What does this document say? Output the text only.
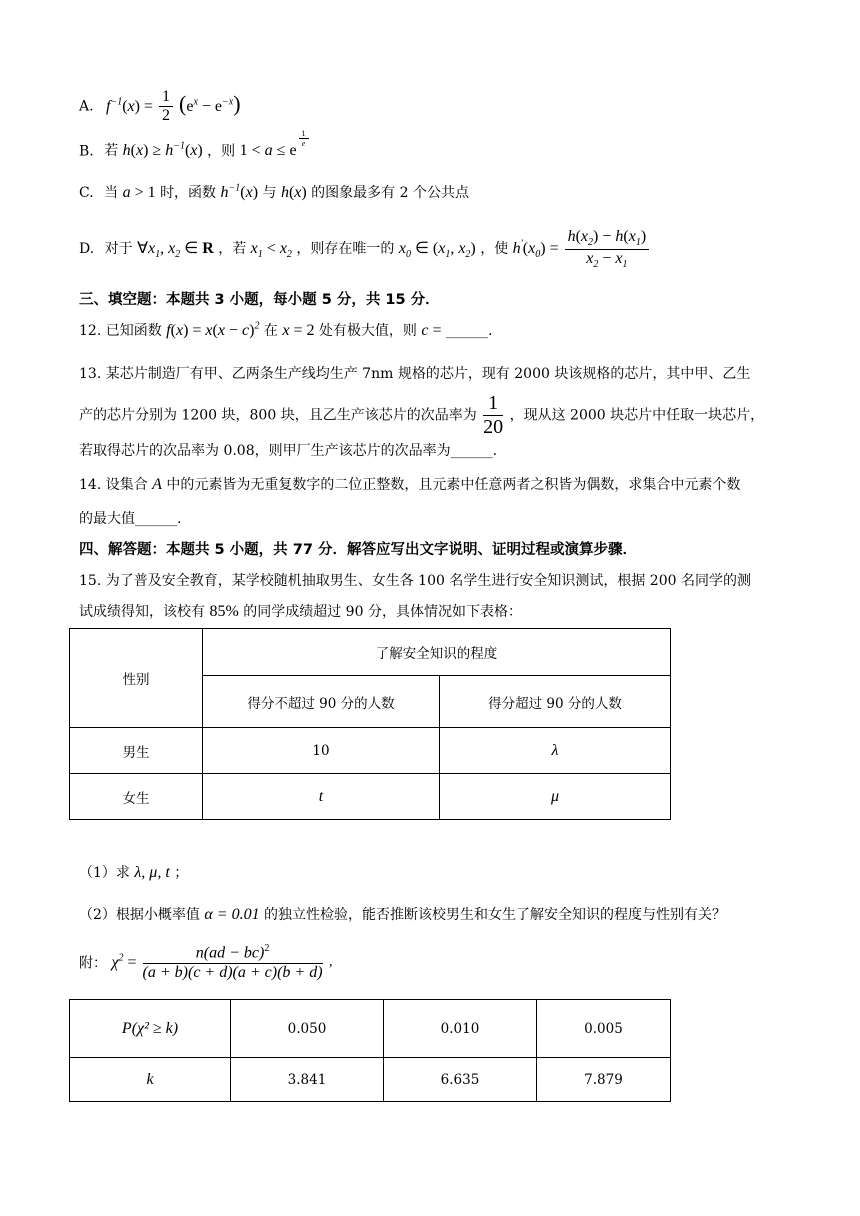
A. $f^{-1}(x) = \frac{1}{2} (e^x - e^{-x})$
B. 若 $h(x) \ge h^{-1}(x)$ ，则 1 < a ≤ e
$^{\frac{1}{e}}$
C. 当 a > 1 时，函数 $h^{-1}(x)$ 与 h(x) 的图象最多有 2 个公共点
D. 对于 $\forall x_1$, $x_2$ ∈ R ，若 $x_1 < x_2$ ，则存在唯一的 $x_0$ ∈ ($x_1$, $x_2$) ，使 $h'(x_0) = \frac{h(x_2) - h(x_1)}{x_2 - x_1}$
三、填空题：本题共 3 小题，每小题 5 分，共 15 分．
12. 已知函数 $f(x) = x(x - c)^2$ 在 x = 2 处有极大值，则 c = ______.
13. 某芯片制造厂有甲、乙两条生产线均生产 7nm 规格的芯片，现有 2000 块该规格的芯片，其中甲、乙生
产的芯片分别为 1200 块，800 块，且乙生产该芯片的次品率为 $\frac{1}{20}$ ，现从这 2000 块芯片中任取一块芯片，
若取得芯片的次品率为 0.08，则甲厂生产该芯片的次品率为______.
14. 设集合 A 中的元素皆为无重复数字的二位正整数，且元素中任意两者之积皆为偶数，求集合中元素个数
的最大值______.
四、解答题：本题共 5 小题，共 77 分．解答应写出文字说明、证明过程或演算步骤．
15. 为了普及安全教育，某学校随机抽取男生、女生各 100 名学生进行安全知识测试，根据 200 名同学的测
试成绩得知，该校有 85% 的同学成绩超过 90 分，具体情况如下表格：
性别	了解安全知识的程度	
	得分不超过 90 分的人数	得分超过 90 分的人数
男生	10	λ
女生	t	μ
（1）求 λ, μ, t ；
（2）根据小概率值 α = 0.01 的独立性检验，能否推断该校男生和女生了解安全知识的程度与性别有关？
附： $\chi^2 = \frac{n(ad - bc)^2}{(a + b)(c + d)(a + c)(b + d)}$ ,
P(χ² ≥ k)	0.050	0.010	0.005
k	3.841	6.635	7.879
